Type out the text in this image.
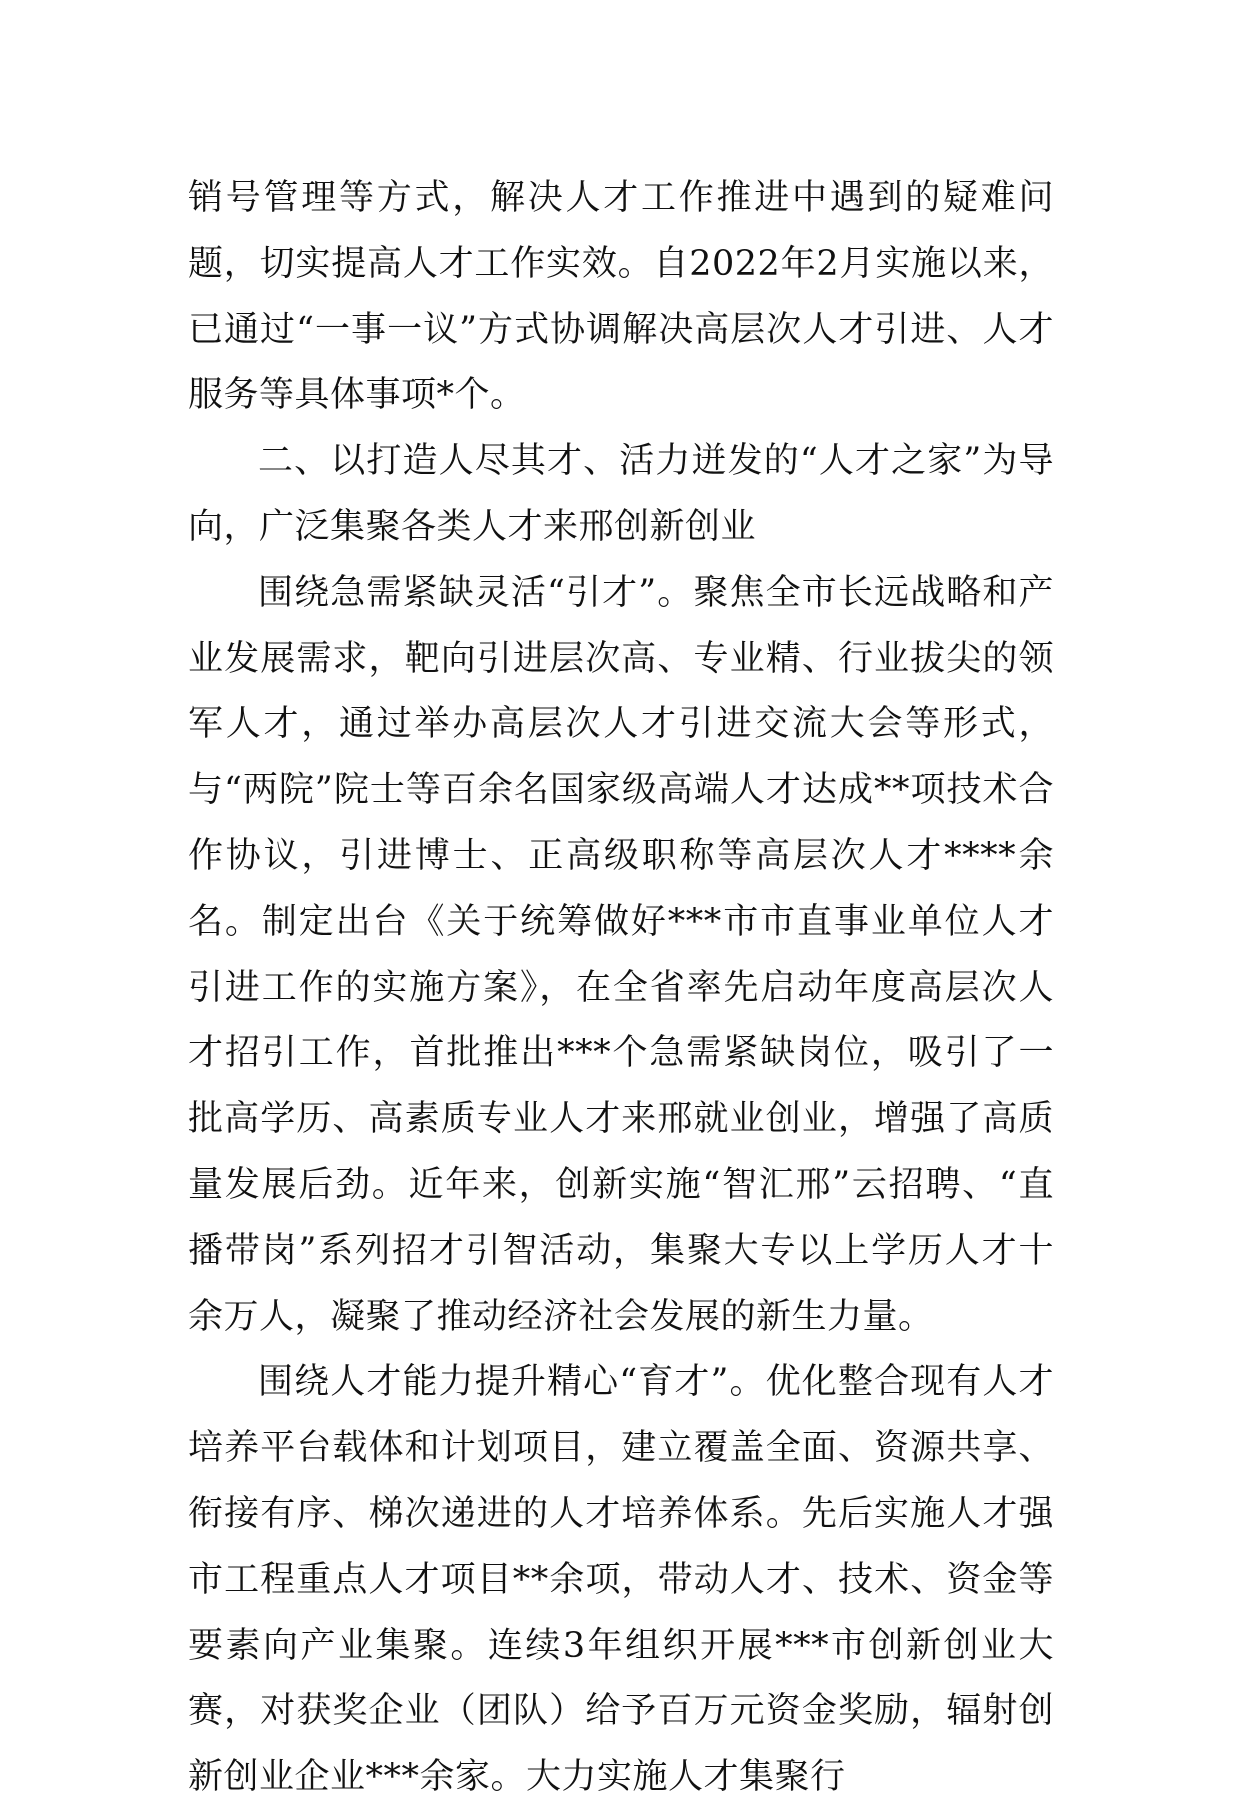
销号管理等方式，解决人才工作推进中遇到的疑难问题，切实提高人才工作实效。自2022年2月实施以来，已通过“一事一议”方式协调解决高层次人才引进、人才服务等具体事项*个。

二、以打造人尽其才、活力迸发的“人才之家”为导向，广泛集聚各类人才来邢创新创业

围绕急需紧缺灵活“引才”。聚焦全市长远战略和产业发展需求，靶向引进层次高、专业精、行业拔尖的领军人才，通过举办高层次人才引进交流大会等形式，与“两院”院士等百余名国家级高端人才达成**项技术合作协议，引进博士、正高级职称等高层次人才****余名。制定出台《关于统筹做好***市市直事业单位人才引进工作的实施方案》，在全省率先启动年度高层次人才招引工作，首批推出***个急需紧缺岗位，吸引了一批高学历、高素质专业人才来邢就业创业，增强了高质量发展后劲。近年来，创新实施“智汇邢”云招聘、“直播带岗”系列招才引智活动，集聚大专以上学历人才十余万人，凝聚了推动经济社会发展的新生力量。

围绕人才能力提升精心“育才”。优化整合现有人才培养平台载体和计划项目，建立覆盖全面、资源共享、衔接有序、梯次递进的人才培养体系。先后实施人才强市工程重点人才项目**余项，带动人才、技术、资金等要素向产业集聚。连续3年组织开展***市创新创业大赛，对获奖企业（团队）给予百万元资金奖励，辐射创新创业企业***余家。大力实施人才集聚行
